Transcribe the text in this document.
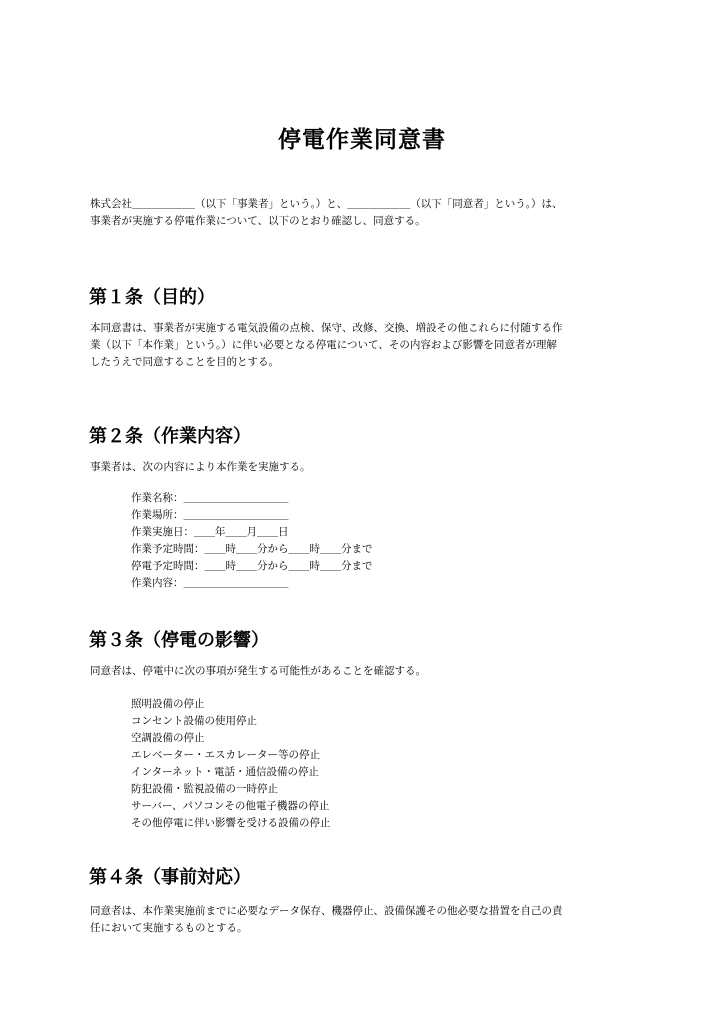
停電作業同意書
株式会社＿＿＿＿＿＿（以下「事業者」という。）と、＿＿＿＿＿＿（以下「同意者」という。）は、
事業者が実施する停電作業について、以下のとおり確認し、同意する。
第１条（目的）
本同意書は、事業者が実施する電気設備の点検、保守、改修、交換、増設その他これらに付随する作
業（以下「本作業」という。）に伴い必要となる停電について、その内容および影響を同意者が理解
したうえで同意することを目的とする。
第２条（作業内容）
事業者は、次の内容により本作業を実施する。
作業名称：＿＿＿＿＿＿＿＿＿＿
作業場所：＿＿＿＿＿＿＿＿＿＿
作業実施日：＿＿年＿＿月＿＿日
作業予定時間：＿＿時＿＿分から＿＿時＿＿分まで
停電予定時間：＿＿時＿＿分から＿＿時＿＿分まで
作業内容：＿＿＿＿＿＿＿＿＿＿
第３条（停電の影響）
同意者は、停電中に次の事項が発生する可能性があることを確認する。
照明設備の停止
コンセント設備の使用停止
空調設備の停止
エレベーター・エスカレーター等の停止
インターネット・電話・通信設備の停止
防犯設備・監視設備の一時停止
サーバー、パソコンその他電子機器の停止
その他停電に伴い影響を受ける設備の停止
第４条（事前対応）
同意者は、本作業実施前までに必要なデータ保存、機器停止、設備保護その他必要な措置を自己の責
任において実施するものとする。
